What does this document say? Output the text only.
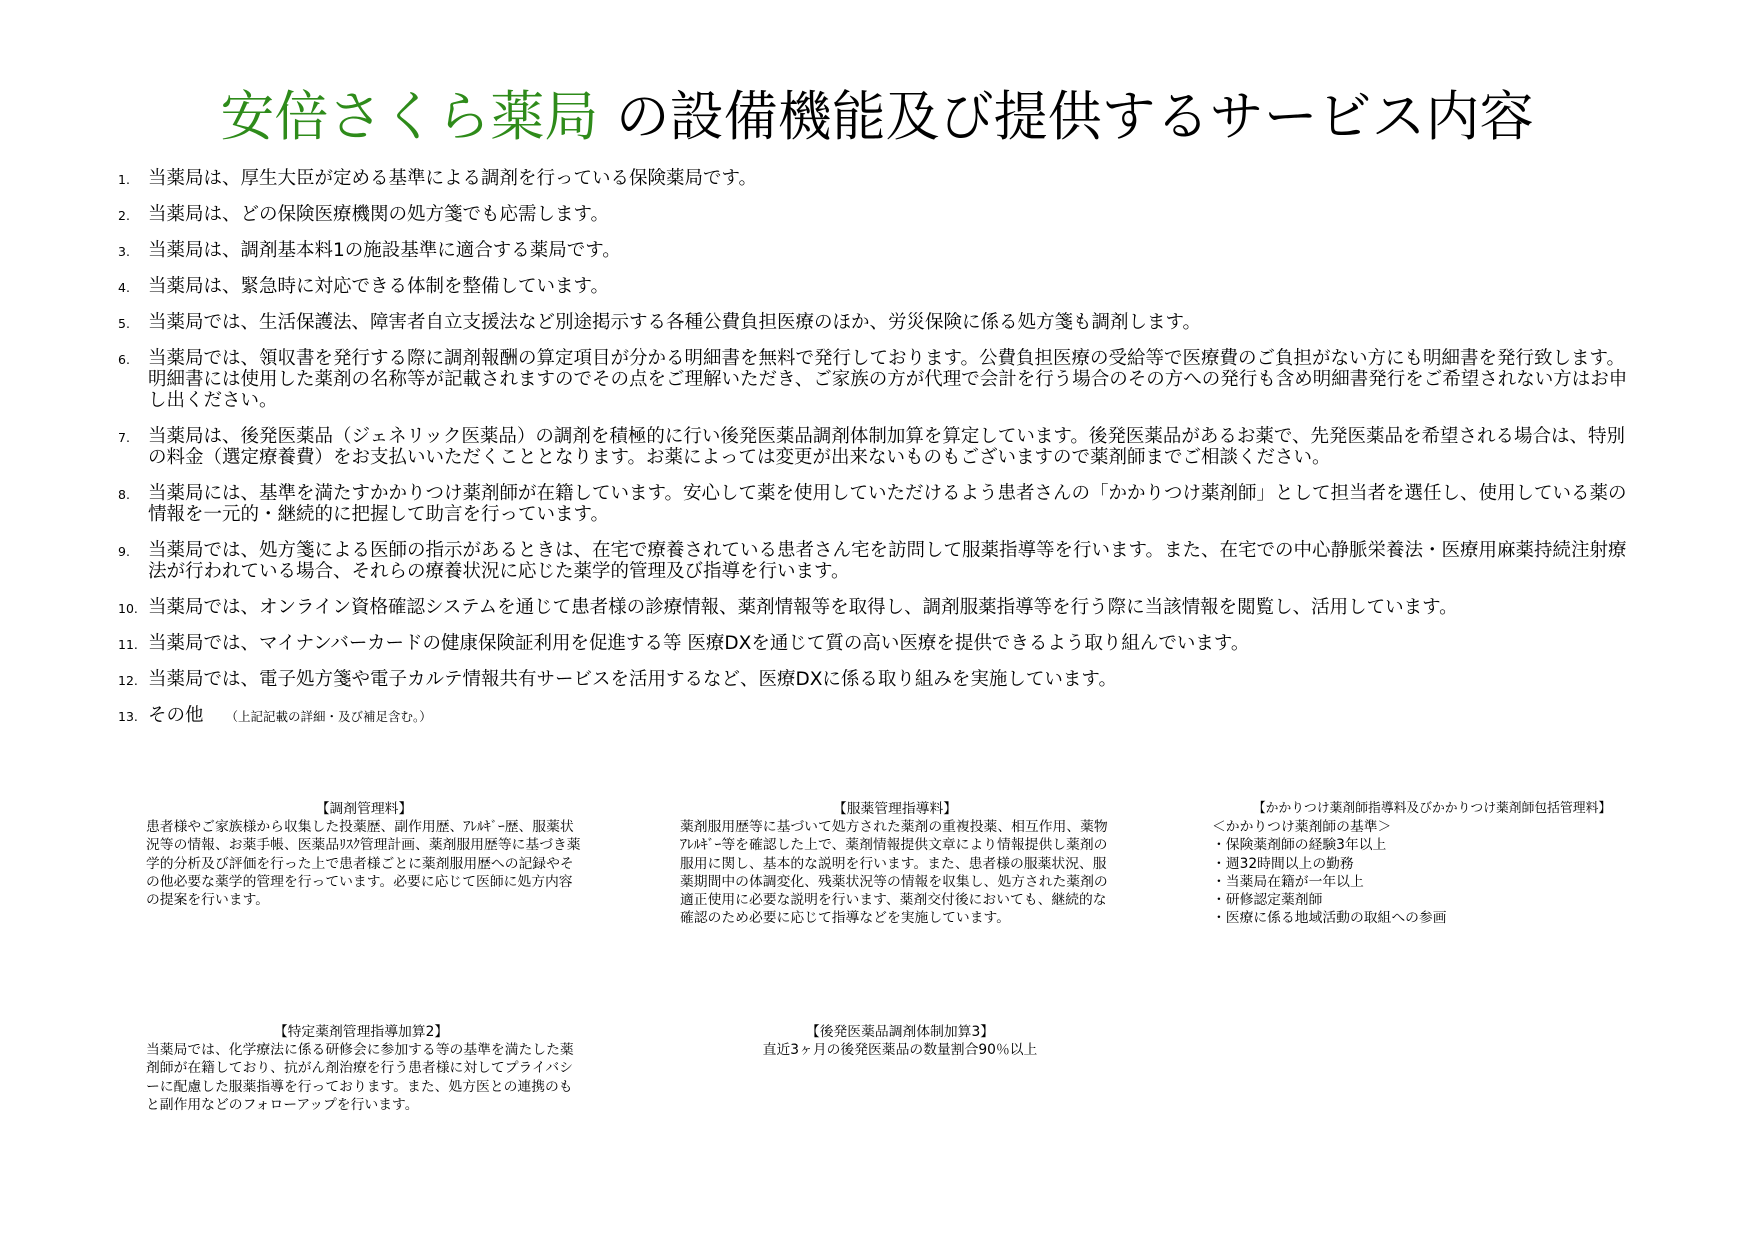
安倍さくら薬局 の設備機能及び提供するサービス内容
1. 当薬局は、厚生大臣が定める基準による調剤を行っている保険薬局です。
2. 当薬局は、どの保険医療機関の処方箋でも応需します。
3. 当薬局は、調剤基本料1の施設基準に適合する薬局です。
4. 当薬局は、緊急時に対応できる体制を整備しています。
5. 当薬局では、生活保護法、障害者自立支援法など別途掲示する各種公費負担医療のほか、労災保険に係る処方箋も調剤します。
6. 当薬局では、領収書を発行する際に調剤報酬の算定項目が分かる明細書を無料で発行しております。公費負担医療の受給等で医療費のご負担がない方にも明細書を発行致します。明細書には使用した薬剤の名称等が記載されますのでその点をご理解いただき、ご家族の方が代理で会計を行う場合のその方への発行も含め明細書発行をご希望されない方はお申し出ください。
7. 当薬局は、後発医薬品（ジェネリック医薬品）の調剤を積極的に行い後発医薬品調剤体制加算を算定しています。後発医薬品があるお薬で、先発医薬品を希望される場合は、特別の料金（選定療養費）をお支払いいただくこととなります。お薬によっては変更が出来ないものもございますので薬剤師までご相談ください。
8. 当薬局には、基準を満たすかかりつけ薬剤師が在籍しています。安心して薬を使用していただけるよう患者さんの「かかりつけ薬剤師」として担当者を選任し、使用している薬の情報を一元的・継続的に把握して助言を行っています。
9. 当薬局では、処方箋による医師の指示があるときは、在宅で療養されている患者さん宅を訪問して服薬指導等を行います。また、在宅での中心静脈栄養法・医療用麻薬持続注射療法が行われている場合、それらの療養状況に応じた薬学的管理及び指導を行います。
10. 当薬局では、オンライン資格確認システムを通じて患者様の診療情報、薬剤情報等を取得し、調剤服薬指導等を行う際に当該情報を閲覧し、活用しています。
11. 当薬局では、マイナンバーカードの健康保険証利用を促進する等 医療DXを通じて質の高い医療を提供できるよう取り組んでいます。
12. 当薬局では、電子処方箋や電子カルテ情報共有サービスを活用するなど、医療DXに係る取り組みを実施しています。
13. その他 （上記記載の詳細・及び補足含む。）
【調剤管理料】
患者様やご家族様から収集した投薬歴、副作用歴、ｱﾚﾙｷﾞｰ歴、服薬状況等の情報、お薬手帳、医薬品ﾘｽｸ管理計画、薬剤服用歴等に基づき薬学的分析及び評価を行った上で患者様ごとに薬剤服用歴への記録やその他必要な薬学的管理を行っています。必要に応じて医師に処方内容の提案を行います。
【服薬管理指導料】
薬剤服用歴等に基づいて処方された薬剤の重複投薬、相互作用、薬物ｱﾚﾙｷﾞｰ等を確認した上で、薬剤情報提供文章により情報提供し薬剤の服用に関し、基本的な説明を行います。また、患者様の服薬状況、服薬期間中の体調変化、残薬状況等の情報を収集し、処方された薬剤の適正使用に必要な説明を行います、薬剤交付後においても、継続的な確認のため必要に応じて指導などを実施しています。
【かかりつけ薬剤師指導料及びかかりつけ薬剤師包括管理料】
＜かかりつけ薬剤師の基準＞
・保険薬剤師の経験3年以上
・週32時間以上の勤務
・当薬局在籍が一年以上
・研修認定薬剤師
・医療に係る地域活動の取組への参画
【特定薬剤管理指導加算2】
当薬局では、化学療法に係る研修会に参加する等の基準を満たした薬剤師が在籍しており、抗がん剤治療を行う患者様に対してプライバシーに配慮した服薬指導を行っております。また、処方医との連携のもと副作用などのフォローアップを行います。
【後発医薬品調剤体制加算3】
直近3ヶ月の後発医薬品の数量割合90％以上
